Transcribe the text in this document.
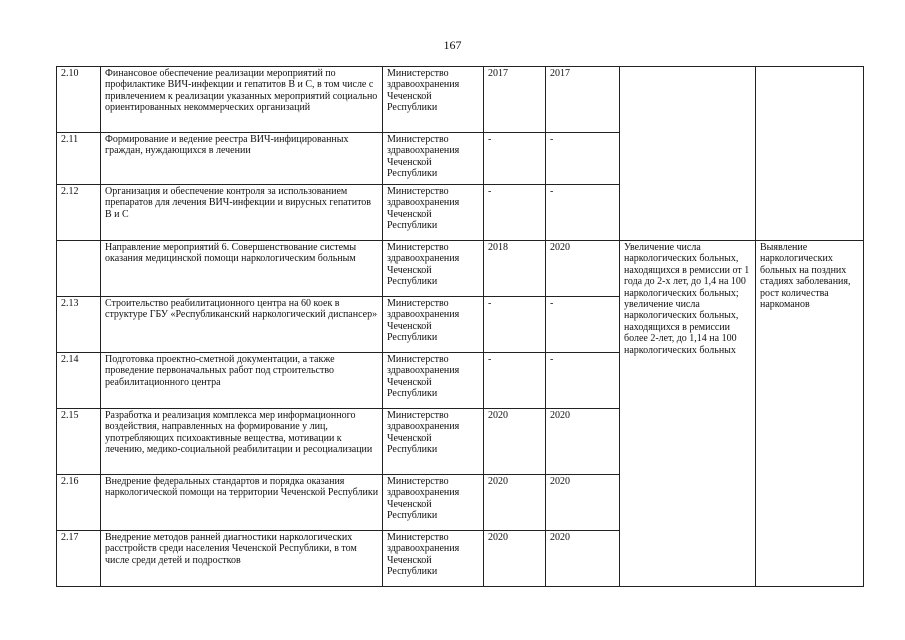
167
2.10	Финансовое обеспечение реализации мероприятий по профилактике ВИЧ-инфекции и гепатитов В и С, в том числе с привлечением к реализации указанных мероприятий социально ориентированных некоммерческих организаций	Министерство здравоохранения Чеченской Республики	2017	2017		
2.11	Формирование и ведение реестра ВИЧ-инфицированных граждан, нуждающихся в лечении	Министерство здравоохранения Чеченской Республики	-	-		
2.12	Организация и обеспечение контроля за использованием препаратов для лечения ВИЧ-инфекции и вирусных гепатитов В и С	Министерство здравоохранения Чеченской Республики	-	-		
	Направление мероприятий 6. Совершенствование системы оказания медицинской помощи наркологическим больным	Министерство здравоохранения Чеченской Республики	2018	2020	Увеличение числа наркологических больных, находящихся в ремиссии от 1 года до 2-х лет, до 1,4 на 100 наркологических больных; увеличение числа наркологических больных, находящихся в ремиссии более 2-лет, до 1,14 на 100 наркологических больных	Выявление наркологических больных на поздних стадиях заболевания, рост количества наркоманов
2.13	Строительство реабилитационного центра на 60 коек в структуре ГБУ «Республиканский наркологический диспансер»	Министерство здравоохранения Чеченской Республики	-	-		
2.14	Подготовка проектно-сметной документации, а также проведение первоначальных работ под строительство реабилитационного центра	Министерство здравоохранения Чеченской Республики	-	-		
2.15	Разработка и реализация комплекса мер информационного воздействия, направленных на формирование у лиц, употребляющих психоактивные вещества, мотивации к лечению, медико-социальной реабилитации и ресоциализации	Министерство здравоохранения Чеченской Республики	2020	2020		
2.16	Внедрение федеральных стандартов и порядка оказания наркологической помощи на территории Чеченской Республики	Министерство здравоохранения Чеченской Республики	2020	2020		
2.17	Внедрение методов ранней диагностики наркологических расстройств среди населения Чеченской Республики, в том числе среди детей и подростков	Министерство здравоохранения Чеченской Республики	2020	2020		
